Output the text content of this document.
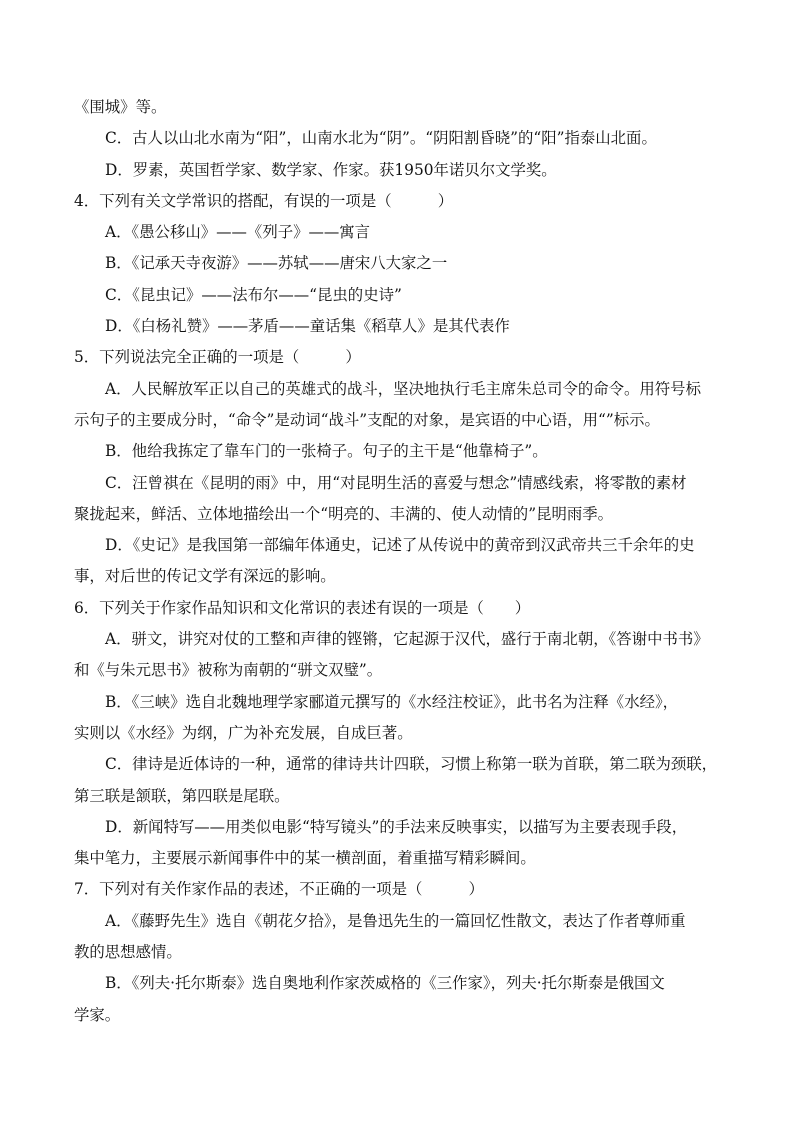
《围城》等。
C．古人以山北水南为“阳”，山南水北为“阴”。“阴阳割昏晓”的“阳”指泰山北面。
D．罗素，英国哲学家、数学家、作家。获1950年诺贝尔文学奖。
4．下列有关文学常识的搭配，有误的一项是（　　　）
A．《愚公移山》——《列子》——寓言
B．《记承天寺夜游》——苏轼——唐宋八大家之一
C．《昆虫记》——法布尔——“昆虫的史诗”
D．《白杨礼赞》——茅盾——童话集《稻草人》是其代表作
5．下列说法完全正确的一项是（　　　）
A．人民解放军正以自己的英雄式的战斗，坚决地执行毛主席朱总司令的命令。用符号标
示句子的主要成分时，“命令”是动词“战斗”支配的对象，是宾语的中心语，用“”标示。
B．他给我拣定了靠车门的一张椅子。句子的主干是“他靠椅子”。
C．汪曾祺在《昆明的雨》中，用“对昆明生活的喜爱与想念”情感线索，将零散的素材
聚拢起来，鲜活、立体地描绘出一个“明亮的、丰满的、使人动情的”昆明雨季。
D．《史记》是我国第一部编年体通史，记述了从传说中的黄帝到汉武帝共三千余年的史
事，对后世的传记文学有深远的影响。
6．下列关于作家作品知识和文化常识的表述有误的一项是（　　）
A．骈文，讲究对仗的工整和声律的铿锵，它起源于汉代，盛行于南北朝，《答谢中书书》
和《与朱元思书》被称为南朝的“骈文双璧”。
B．《三峡》选自北魏地理学家郦道元撰写的《水经注校证》，此书名为注释《水经》，
实则以《水经》为纲，广为补充发展，自成巨著。
C．律诗是近体诗的一种，通常的律诗共计四联，习惯上称第一联为首联，第二联为颈联，
第三联是颔联，第四联是尾联。
D．新闻特写——用类似电影“特写镜头”的手法来反映事实，以描写为主要表现手段，
集中笔力，主要展示新闻事件中的某一横剖面，着重描写精彩瞬间。
7．下列对有关作家作品的表述，不正确的一项是（　　　）
A．《藤野先生》选自《朝花夕拾》，是鲁迅先生的一篇回忆性散文，表达了作者尊师重
教的思想感情。
B．《列夫·托尔斯泰》选自奥地利作家茨威格的《三作家》，列夫·托尔斯泰是俄国文
学家。
